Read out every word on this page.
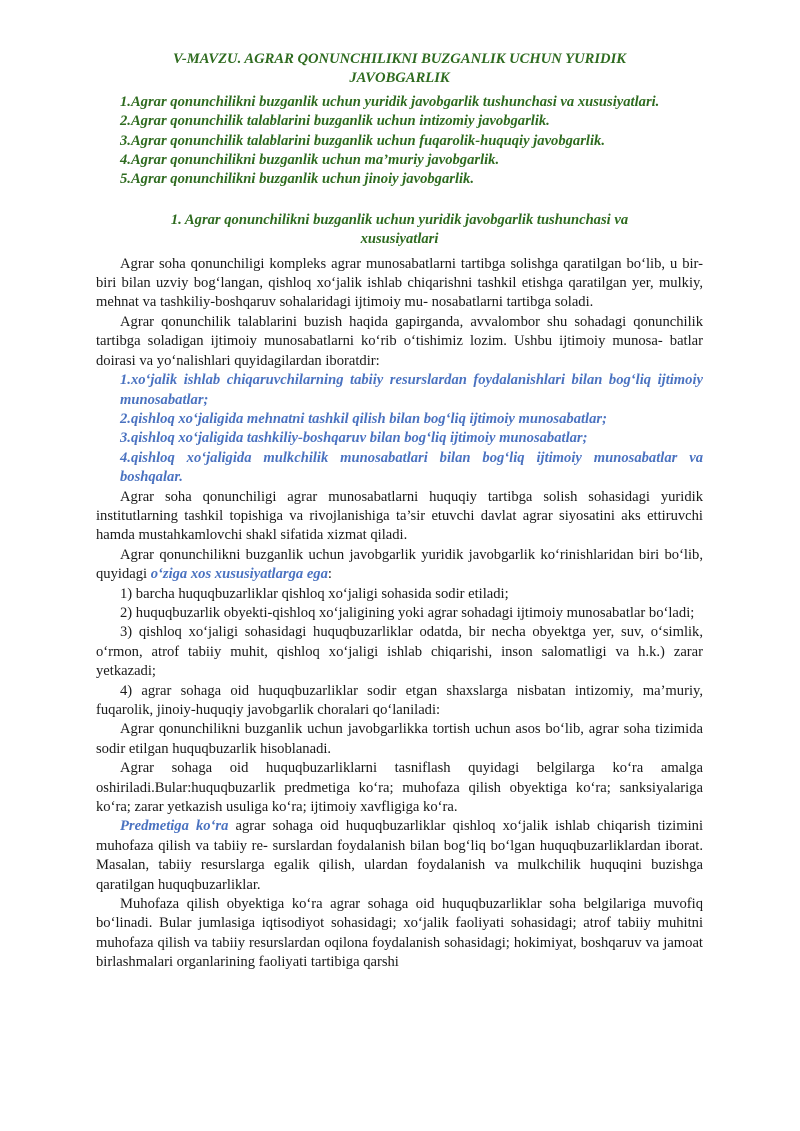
V-MAVZU. AGRAR QONUNCHILIKNI BUZGANLIK UCHUN YURIDIK JAVOBGARLIK

1.Agrar qonunchilikni buzganlik uchun yuridik javobgarlik tushunchasi va xususiyatlari.

2.Agrar qonunchilik talablarini buzganlik uchun intizomiy javobgarlik.

3.Agrar qonunchilik talablarini buzganlik uchun fuqarolik-huquqiy javobgarlik.

4.Agrar qonunchilikni buzganlik uchun ma’muriy javobgarlik.

5.Agrar qonunchilikni buzganlik uchun jinoiy javobgarlik.

1. Agrar qonunchilikni buzganlik uchun yuridik javobgarlik tushunchasi va xususiyatlari

Agrar soha qonunchiligi kompleks agrar munosabatlarni tartibga solishga qaratilgan bo‘lib, u bir-biri bilan uzviy bog‘langan, qishloq xo‘jalik ishlab chiqarishni tashkil etishga qaratilgan yer, mulkiy, mehnat va tashkiliy-boshqaruv sohalaridagi ijtimoiy mu- nosabatlarni tartibga soladi.

Agrar qonunchilik talablarini buzish haqida gapirganda, avvalombor shu sohadagi qonunchilik tartibga soladigan ijtimoiy munosabatlarni ko‘rib o‘tishimiz lozim. Ushbu ijtimoiy munosa- batlar doirasi va yo‘nalishlari quyidagilardan iboratdir:

1.xo‘jalik ishlab chiqaruvchilarning tabiiy resurslardan foydalanishlari bilan bog‘liq ijtimoiy munosabatlar;

2.qishloq xo‘jaligida mehnatni tashkil qilish bilan bog‘liq ijtimoiy munosabatlar;

3.qishloq xo‘jaligida tashkiliy-boshqaruv bilan bog‘liq ijtimoiy munosabatlar;

4.qishloq xo‘jaligida mulkchilik munosabatlari bilan bog‘liq ijtimoiy munosabatlar va boshqalar.

Agrar soha qonunchiligi agrar munosabatlarni huquqiy tartibga solish sohasidagi yuridik institutlarning tashkil topishiga va rivojlanishiga ta’sir etuvchi davlat agrar siyosatini aks ettiruvchi hamda mustahkamlovchi shakl sifatida xizmat qiladi.

Agrar qonunchilikni buzganlik uchun javobgarlik yuridik javobgarlik ko‘rinishlaridan biri bo‘lib, quyidagi o‘ziga xos xususiyatlarga ega:

1) barcha huquqbuzarliklar qishloq xo‘jaligi sohasida sodir etiladi;

2) huquqbuzarlik obyekti-qishloq xo‘jaligining yoki agrar sohadagi ijtimoiy munosabatlar bo‘ladi;

3) qishloq xo‘jaligi sohasidagi huquqbuzarliklar odatda, bir necha obyektga yer, suv, o‘simlik, o‘rmon, atrof tabiiy muhit, qishloq xo‘jaligi ishlab chiqarishi, inson salomatligi va h.k.) zarar yetkazadi;

4) agrar sohaga oid huquqbuzarliklar sodir etgan shaxslarga nisbatan intizomiy, ma’muriy, fuqarolik, jinoiy-huquqiy javobgarlik choralari qo‘laniladi:

Agrar qonunchilikni buzganlik uchun javobgarlikka tortish uchun asos bo‘lib, agrar soha tizimida sodir etilgan huquqbuzarlik hisoblanadi.

Agrar sohaga oid huquqbuzarliklarni tasniflash quyidagi belgilarga ko‘ra amalga oshiriladi.Bular:huquqbuzarlik predmetiga ko‘ra; muhofaza qilish obyektiga ko‘ra; sanksiyalariga ko‘ra; zarar yetkazish usuliga ko‘ra; ijtimoiy xavfligiga ko‘ra.

Predmetiga ko‘ra agrar sohaga oid huquqbuzarliklar qishloq xo‘jalik ishlab chiqarish tizimini muhofaza qilish va tabiiy re- surslardan foydalanish bilan bog‘liq bo‘lgan huquqbuzarliklardan iborat. Masalan, tabiiy resurslarga egalik qilish, ulardan foydalanish va mulkchilik huquqini buzishga qaratilgan huquqbuzarliklar.

Muhofaza qilish obyektiga ko‘ra agrar sohaga oid huquqbuzarliklar soha belgilariga muvofiq bo‘linadi. Bular jumlasiga iqtisodiyot sohasidagi; xo‘jalik faoliyati sohasidagi; atrof tabiiy muhitni muhofaza qilish va tabiiy resurslardan oqilona foydalanish sohasidagi; hokimiyat, boshqaruv va jamoat birlashmalari organlarining faoliyati tartibiga qarshi
